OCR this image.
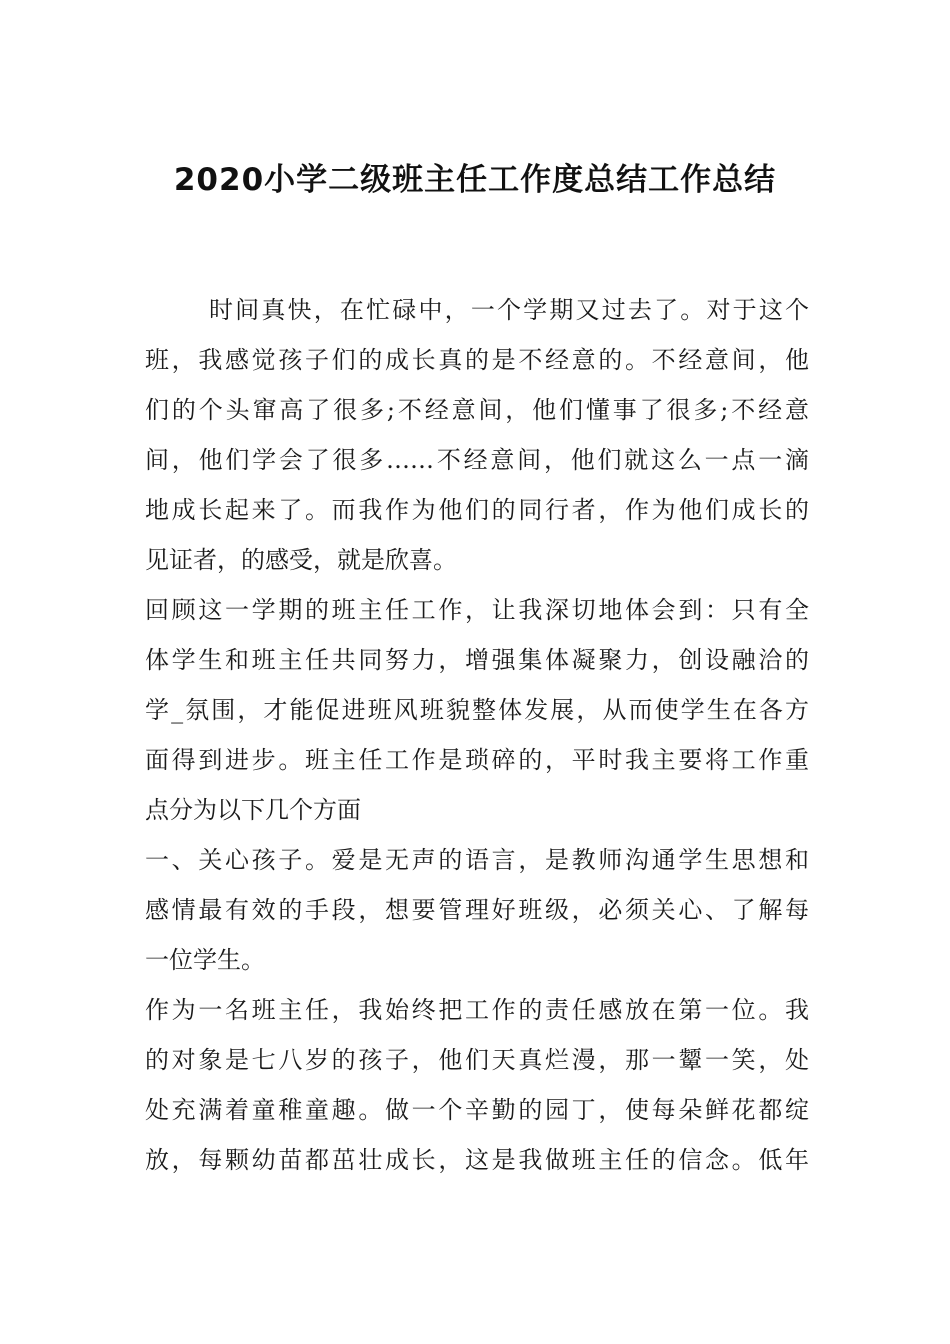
2020小学二级班主任工作度总结工作总结
时间真快，在忙碌中，一个学期又过去了。对于这个
班，我感觉孩子们的成长真的是不经意的。不经意间，他
们的个头窜高了很多;不经意间，他们懂事了很多;不经意
间，他们学会了很多……不经意间，他们就这么一点一滴
地成长起来了。而我作为他们的同行者，作为他们成长的
见证者，的感受，就是欣喜。
回顾这一学期的班主任工作，让我深切地体会到：只有全
体学生和班主任共同努力，增强集体凝聚力，创设融洽的
学_氛围，才能促进班风班貌整体发展，从而使学生在各方
面得到进步。班主任工作是琐碎的，平时我主要将工作重
点分为以下几个方面
一、关心孩子。爱是无声的语言，是教师沟通学生思想和
感情最有效的手段，想要管理好班级，必须关心、了解每
一位学生。
作为一名班主任，我始终把工作的责任感放在第一位。我
的对象是七八岁的孩子，他们天真烂漫，那一颦一笑，处
处充满着童稚童趣。做一个辛勤的园丁，使每朵鲜花都绽
放，每颗幼苗都茁壮成长，这是我做班主任的信念。低年
